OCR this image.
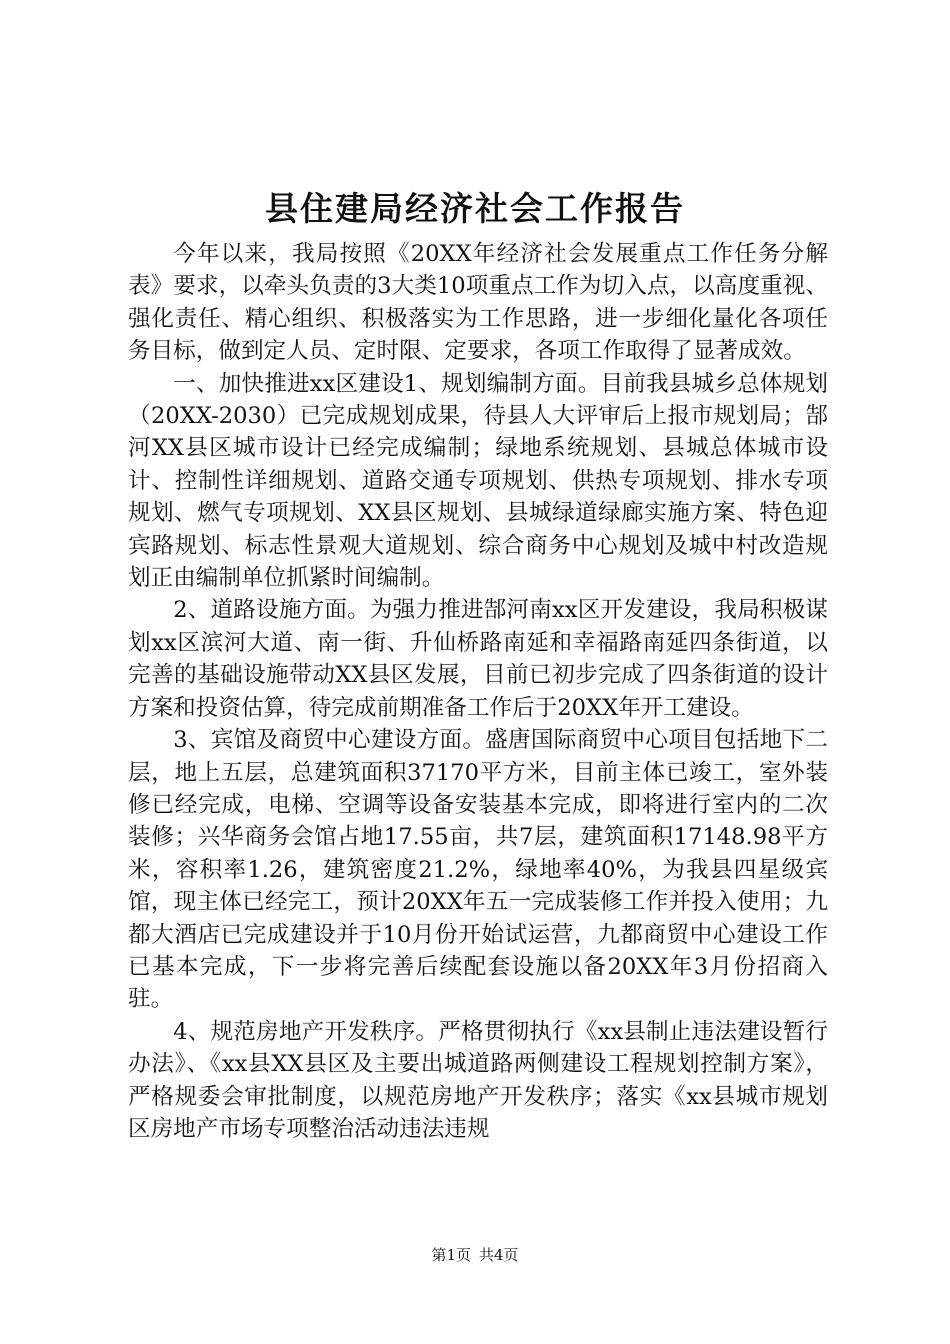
县住建局经济社会工作报告

今年以来，我局按照《20XX年经济社会发展重点工作任务分解表》要求，以牵头负责的3大类10项重点工作为切入点，以高度重视、强化责任、精心组织、积极落实为工作思路，进一步细化量化各项任务目标，做到定人员、定时限、定要求，各项工作取得了显著成效。

一、加快推进xx区建设1、规划编制方面。目前我县城乡总体规划（20XX-2030）已完成规划成果，待县人大评审后上报市规划局；郜河XX县区城市设计已经完成编制；绿地系统规划、县城总体城市设计、控制性详细规划、道路交通专项规划、供热专项规划、排水专项规划、燃气专项规划、XX县区规划、县城绿道绿廊实施方案、特色迎宾路规划、标志性景观大道规划、综合商务中心规划及城中村改造规划正由编制单位抓紧时间编制。

2、道路设施方面。为强力推进郜河南xx区开发建设，我局积极谋划xx区滨河大道、南一街、升仙桥路南延和幸福路南延四条街道，以完善的基础设施带动XX县区发展，目前已初步完成了四条街道的设计方案和投资估算，待完成前期准备工作后于20XX年开工建设。

3、宾馆及商贸中心建设方面。盛唐国际商贸中心项目包括地下二层，地上五层，总建筑面积37170平方米，目前主体已竣工，室外装修已经完成，电梯、空调等设备安装基本完成，即将进行室内的二次装修；兴华商务会馆占地17.55亩，共7层，建筑面积17148.98平方米，容积率1.26，建筑密度21.2%，绿地率40%，为我县四星级宾馆，现主体已经完工，预计20XX年五一完成装修工作并投入使用；九都大酒店已完成建设并于10月份开始试运营，九都商贸中心建设工作已基本完成，下一步将完善后续配套设施以备20XX年3月份招商入驻。

4、规范房地产开发秩序。严格贯彻执行《xx县制止违法建设暂行办法》、《xx县XX县区及主要出城道路两侧建设工程规划控制方案》，严格规委会审批制度，以规范房地产开发秩序；落实《xx县城市规划区房地产市场专项整治活动违法违规

第1页 共4页
